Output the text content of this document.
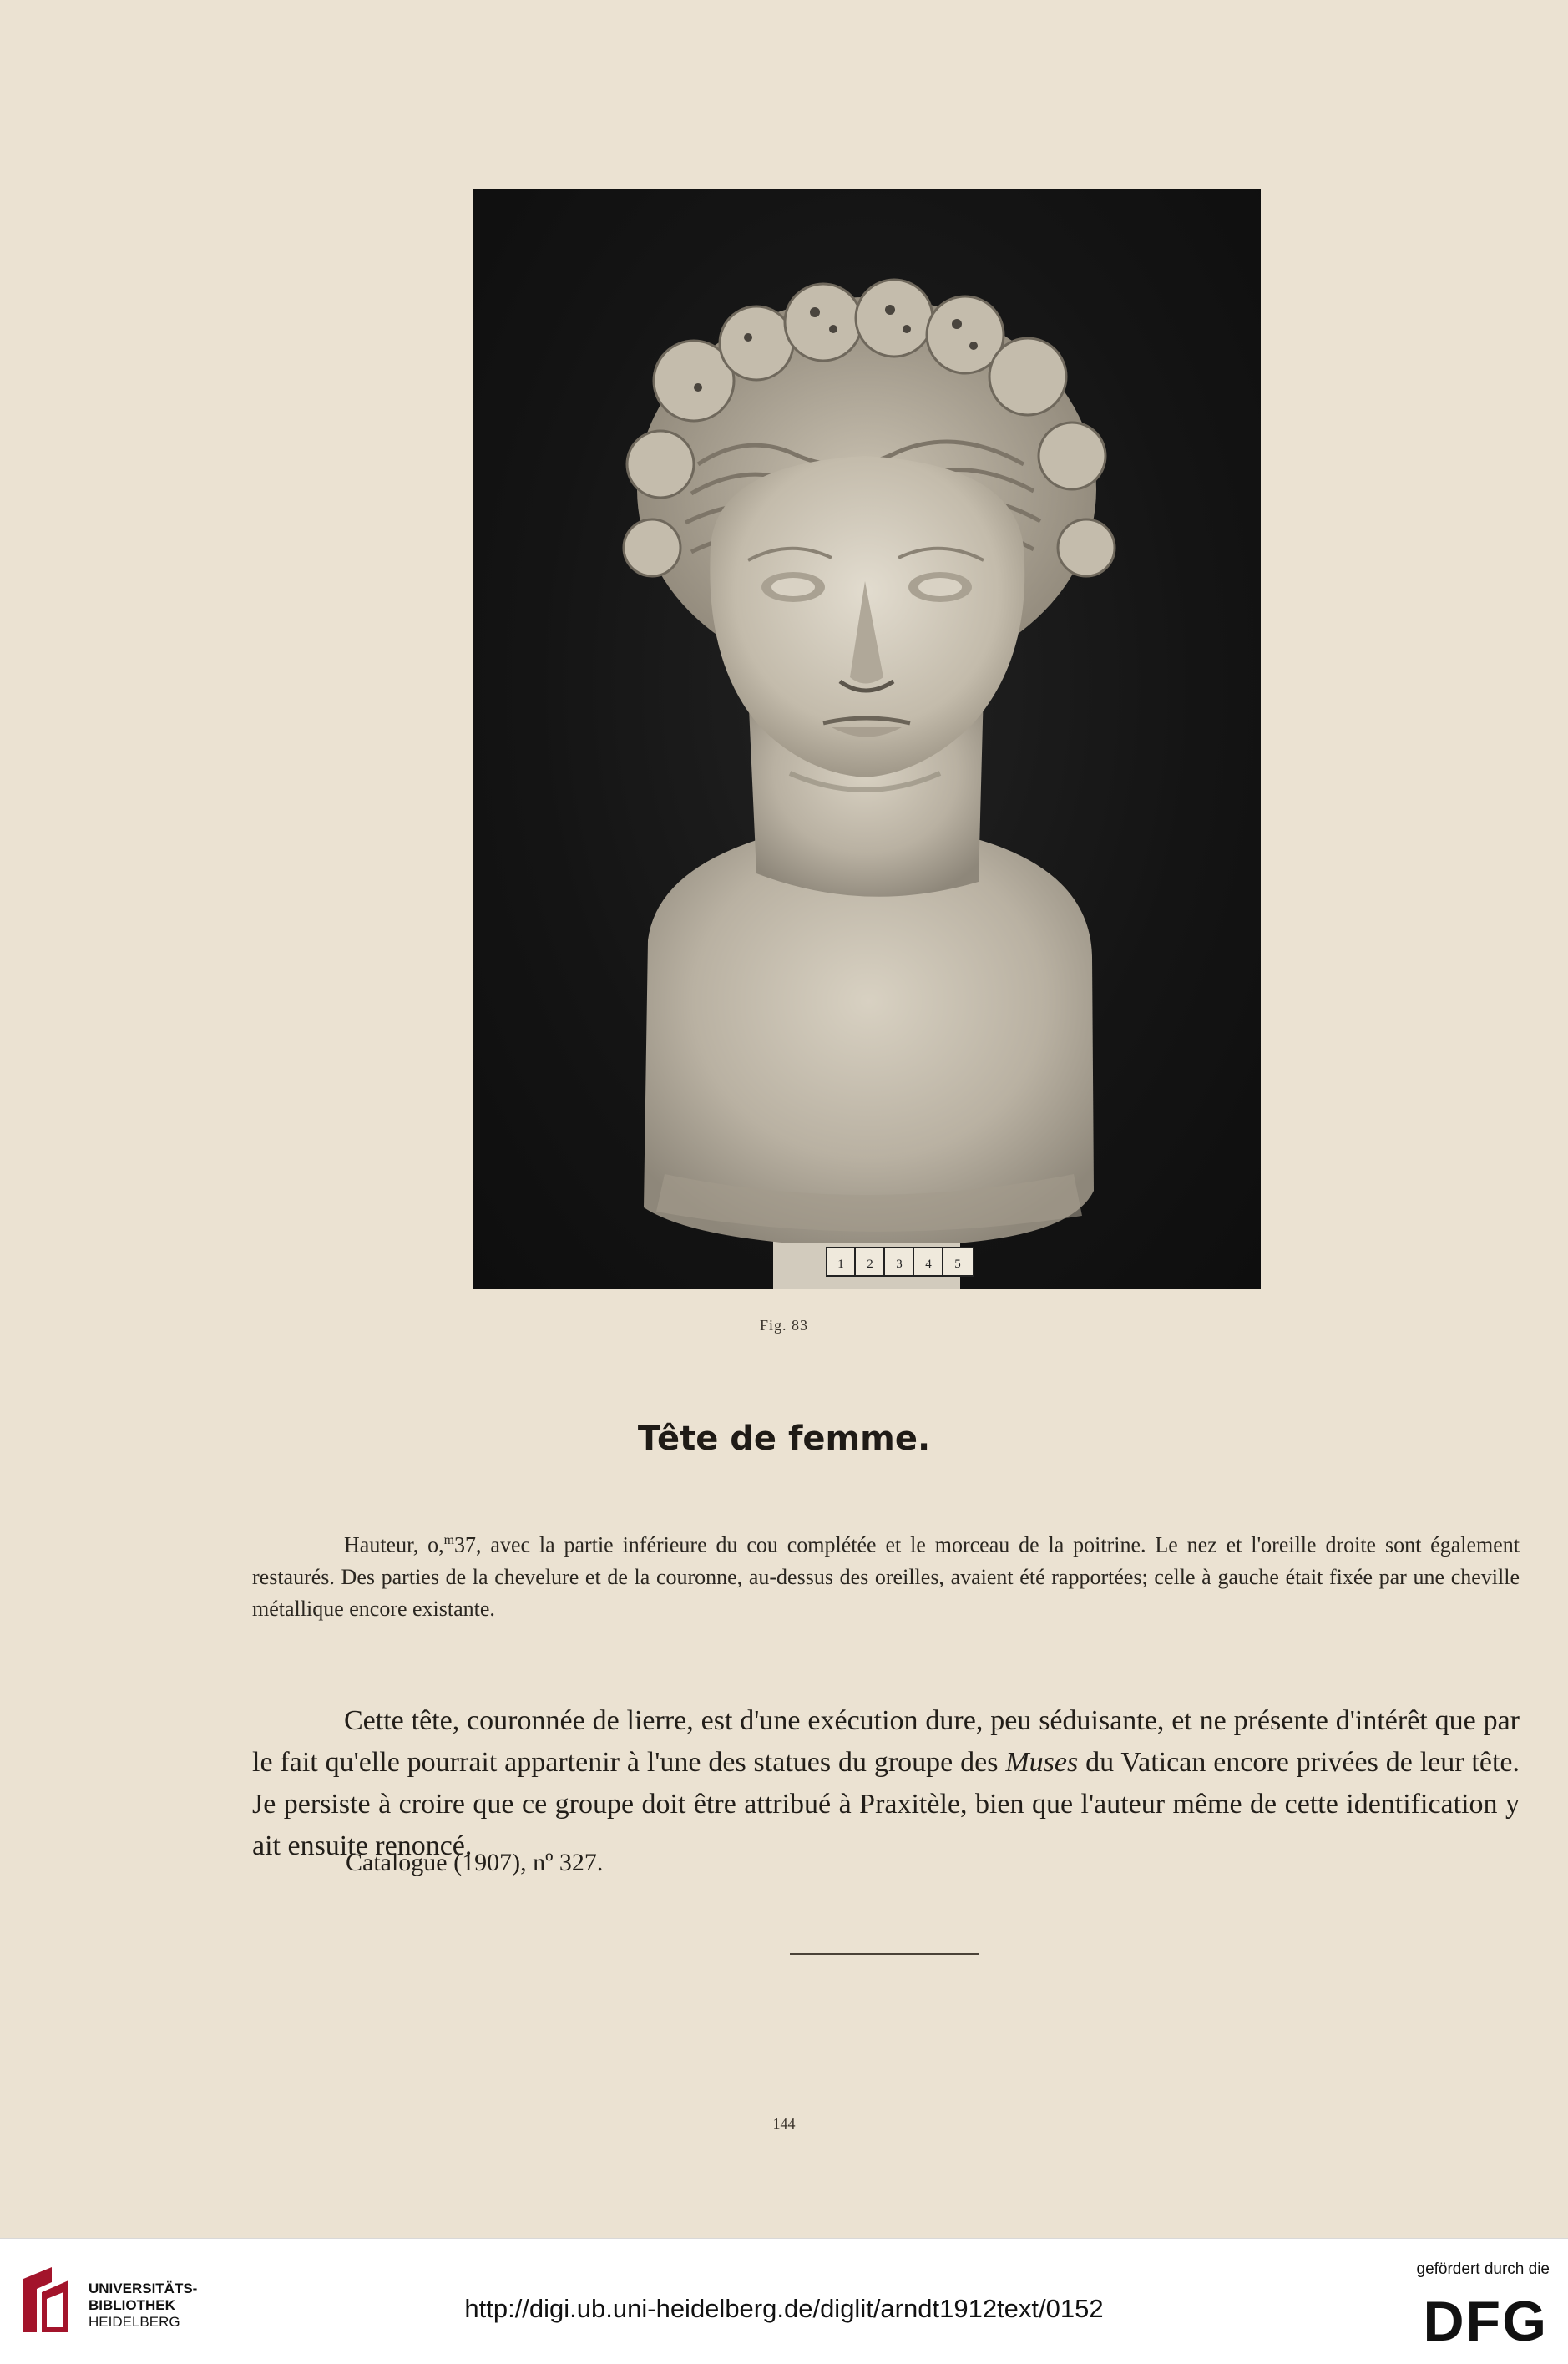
1 2 3 4 5
Fig. 83
Tête de femme.

Hauteur, o,$^m$37, avec la partie inférieure du cou complétée et le morceau de la poitrine. Le nez et l'oreille droite sont également restaurés. Des parties de la chevelure et de la couronne, au-dessus des oreilles, avaient été rapportées; celle à gauche était fixée par une cheville métallique encore existante.

Cette tête, couronnée de lierre, est d'une exécution dure, peu séduisante, et ne présente d'intérêt que par le fait qu'elle pourrait appartenir à l'une des statues du groupe des Muses du Vatican encore privées de leur tête. Je persiste à croire que ce groupe doit être attribué à Praxitèle, bien que l'auteur même de cette identification y ait ensuite renoncé.

Catalogue (1907), nº 327.
144
UNIVERSITÄTS-
BIBLIOTHEK
HEIDELBERG	http://digi.ub.uni-heidelberg.de/diglit/arndt1912text/0152
gefördert durch die
DFG
